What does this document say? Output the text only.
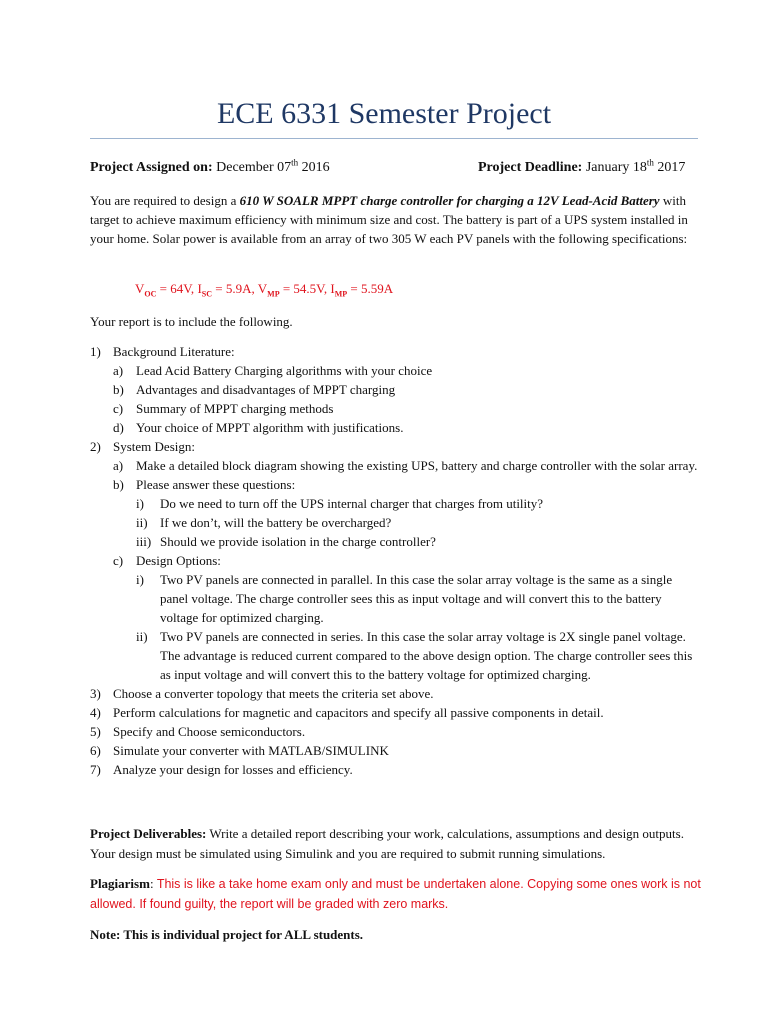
ECE 6331 Semester Project
Project Assigned on: December 07th 2016	Project Deadline: January 18th 2017

You are required to design a 610 W SOALR MPPT charge controller for charging a 12V Lead-Acid Battery with target to achieve maximum efficiency with minimum size and cost. The battery is part of a UPS system installed in your home. Solar power is available from an array of two 305 W each PV panels with the following specifications:

$V_{OC} = 64V$, $I_{SC} = 5.9A$, $V_{MP} = 54.5V$, $I_{MP} = 5.59A$

Your report is to include the following.

1) Background Literature:
a) Lead Acid Battery Charging algorithms with your choice
b) Advantages and disadvantages of MPPT charging
c) Summary of MPPT charging methods
d) Your choice of MPPT algorithm with justifications.
2) System Design:
a) Make a detailed block diagram showing the existing UPS, battery and charge controller with the solar array.
b) Please answer these questions:
i)	Do we need to turn off the UPS internal charger that charges from utility?
ii) If we don’t, will the battery be overcharged?
iii) Should we provide isolation in the charge controller?
c) Design Options:
i)	Two PV panels are connected in parallel. In this case the solar array voltage is the same as a single panel voltage. The charge controller sees this as input voltage and will convert this to the battery voltage for optimized charging.
ii) Two PV panels are connected in series. In this case the solar array voltage is 2X single panel voltage. The advantage is reduced current compared to the above design option. The charge controller sees this as input voltage and will convert this to the battery voltage for optimized charging.
3) Choose a converter topology that meets the criteria set above.
4) Perform calculations for magnetic and capacitors and specify all passive components in detail.
5) Specify and Choose semiconductors.
6) Simulate your converter with MATLAB/SIMULINK
7) Analyze your design for losses and efficiency.

Project Deliverables: Write a detailed report describing your work, calculations, assumptions and design outputs. Your design must be simulated using Simulink and you are required to submit running simulations.

Plagiarism: This is like a take home exam only and must be undertaken alone. Copying some ones work is not allowed. If found guilty, the report will be graded with zero marks.

Note: This is individual project for ALL students.
